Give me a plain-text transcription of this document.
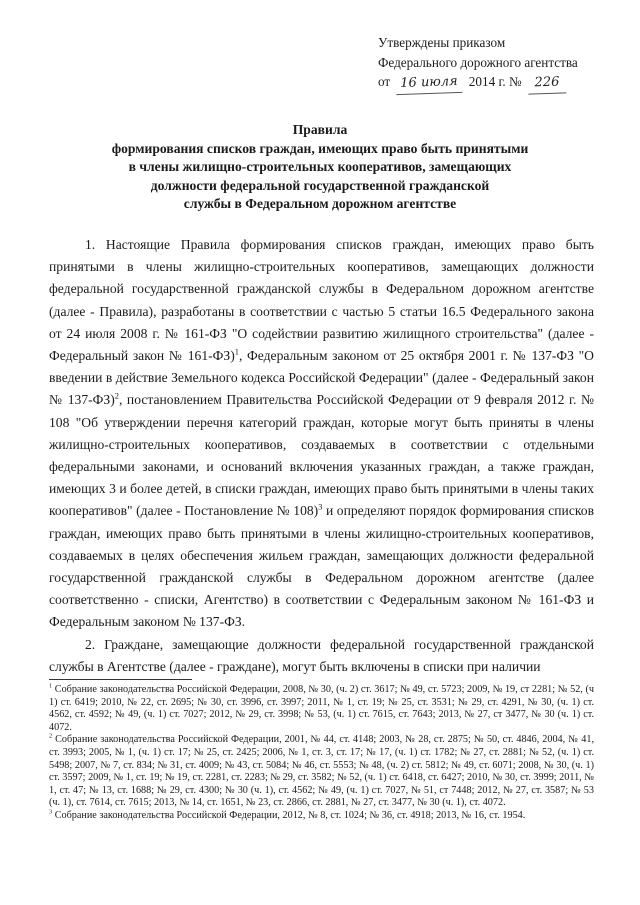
Утверждены приказом
Федерального дорожного агентства
от 16 июля 2014 г. № 226
Правила
формирования списков граждан, имеющих право быть принятыми
в члены жилищно-строительных кооперативов, замещающих
должности федеральной государственной гражданской
службы в Федеральном дорожном агентстве

1. Настоящие Правила формирования списков граждан, имеющих право быть принятыми в члены жилищно-строительных кооперативов, замещающих должности федеральной государственной гражданской службы в Федеральном дорожном агентстве (далее - Правила), разработаны в соответствии с частью 5 статьи 16.5 Федерального закона от 24 июля 2008 г. № 161-ФЗ "О содействии развитию жилищного строительства" (далее - Федеральный закон № 161-ФЗ)$^1$, Федеральным законом от 25 октября 2001 г. № 137-ФЗ "О введении в действие Земельного кодекса Российской Федерации" (далее - Федеральный закон № 137-ФЗ)$^2$, постановлением Правительства Российской Федерации от 9 февраля 2012 г. № 108 "Об утверждении перечня категорий граждан, которые могут быть приняты в члены жилищно-строительных кооперативов, создаваемых в соответствии с отдельными федеральными законами, и оснований включения указанных граждан, а также граждан, имеющих 3 и более детей, в списки граждан, имеющих право быть принятыми в члены таких кооперативов" (далее - Постановление № 108)$^3$ и определяют порядок формирования списков граждан, имеющих право быть принятыми в члены жилищно-строительных кооперативов, создаваемых в целях обеспечения жильем граждан, замещающих должности федеральной государственной гражданской службы в Федеральном дорожном агентстве (далее соответственно - списки, Агентство) в соответствии с Федеральным законом № 161-ФЗ и Федеральным законом № 137-ФЗ.

2. Граждане, замещающие должности федеральной государственной гражданской службы в Агентстве (далее - граждане), могут быть включены в списки при наличии

$^1$ Собрание законодательства Российской Федерации, 2008, № 30, (ч. 2) ст. 3617; № 49, ст. 5723; 2009, № 19, ст 2281; № 52, (ч 1) ст. 6419; 2010, № 22, ст. 2695; № 30, ст. 3996, ст. 3997; 2011, № 1, ст. 19; № 25, ст. 3531; № 29, ст. 4291, № 30, (ч. 1) ст. 4562, ст. 4592; № 49, (ч. 1) ст. 7027; 2012, № 29, ст. 3998; № 53, (ч. 1) ст. 7615, ст. 7643; 2013, № 27, ст 3477, № 30 (ч. 1) ст. 4072.

$^2$ Собрание законодательства Российской Федерации, 2001, № 44, ст. 4148; 2003, № 28, ст. 2875; № 50, ст. 4846, 2004, № 41, ст. 3993; 2005, № 1, (ч. 1) ст. 17; № 25, ст. 2425; 2006, № 1, ст. 3, ст. 17; № 17, (ч. 1) ст. 1782; № 27, ст. 2881; № 52, (ч. 1) ст. 5498; 2007, № 7, ст. 834; № 31, ст. 4009; № 43, ст. 5084; № 46, ст. 5553; № 48, (ч. 2) ст. 5812; № 49, ст. 6071; 2008, № 30, (ч. 1) ст. 3597; 2009, № 1, ст. 19; № 19, ст. 2281, ст. 2283; № 29, ст. 3582; № 52, (ч. 1) ст. 6418, ст. 6427; 2010, № 30, ст. 3999; 2011, № 1, ст. 47; № 13, ст. 1688; № 29, ст. 4300; № 30 (ч. 1), ст. 4562; № 49, (ч. 1) ст. 7027, № 51, ст 7448; 2012, № 27, ст. 3587; № 53 (ч. 1), ст. 7614, ст. 7615; 2013, № 14, ст. 1651, № 23, ст. 2866, ст. 2881, № 27, ст. 3477, № 30 (ч. 1), ст. 4072.

$^3$ Собрание законодательства Российской Федерации, 2012, № 8, ст. 1024; № 36, ст. 4918; 2013, № 16, ст. 1954.
